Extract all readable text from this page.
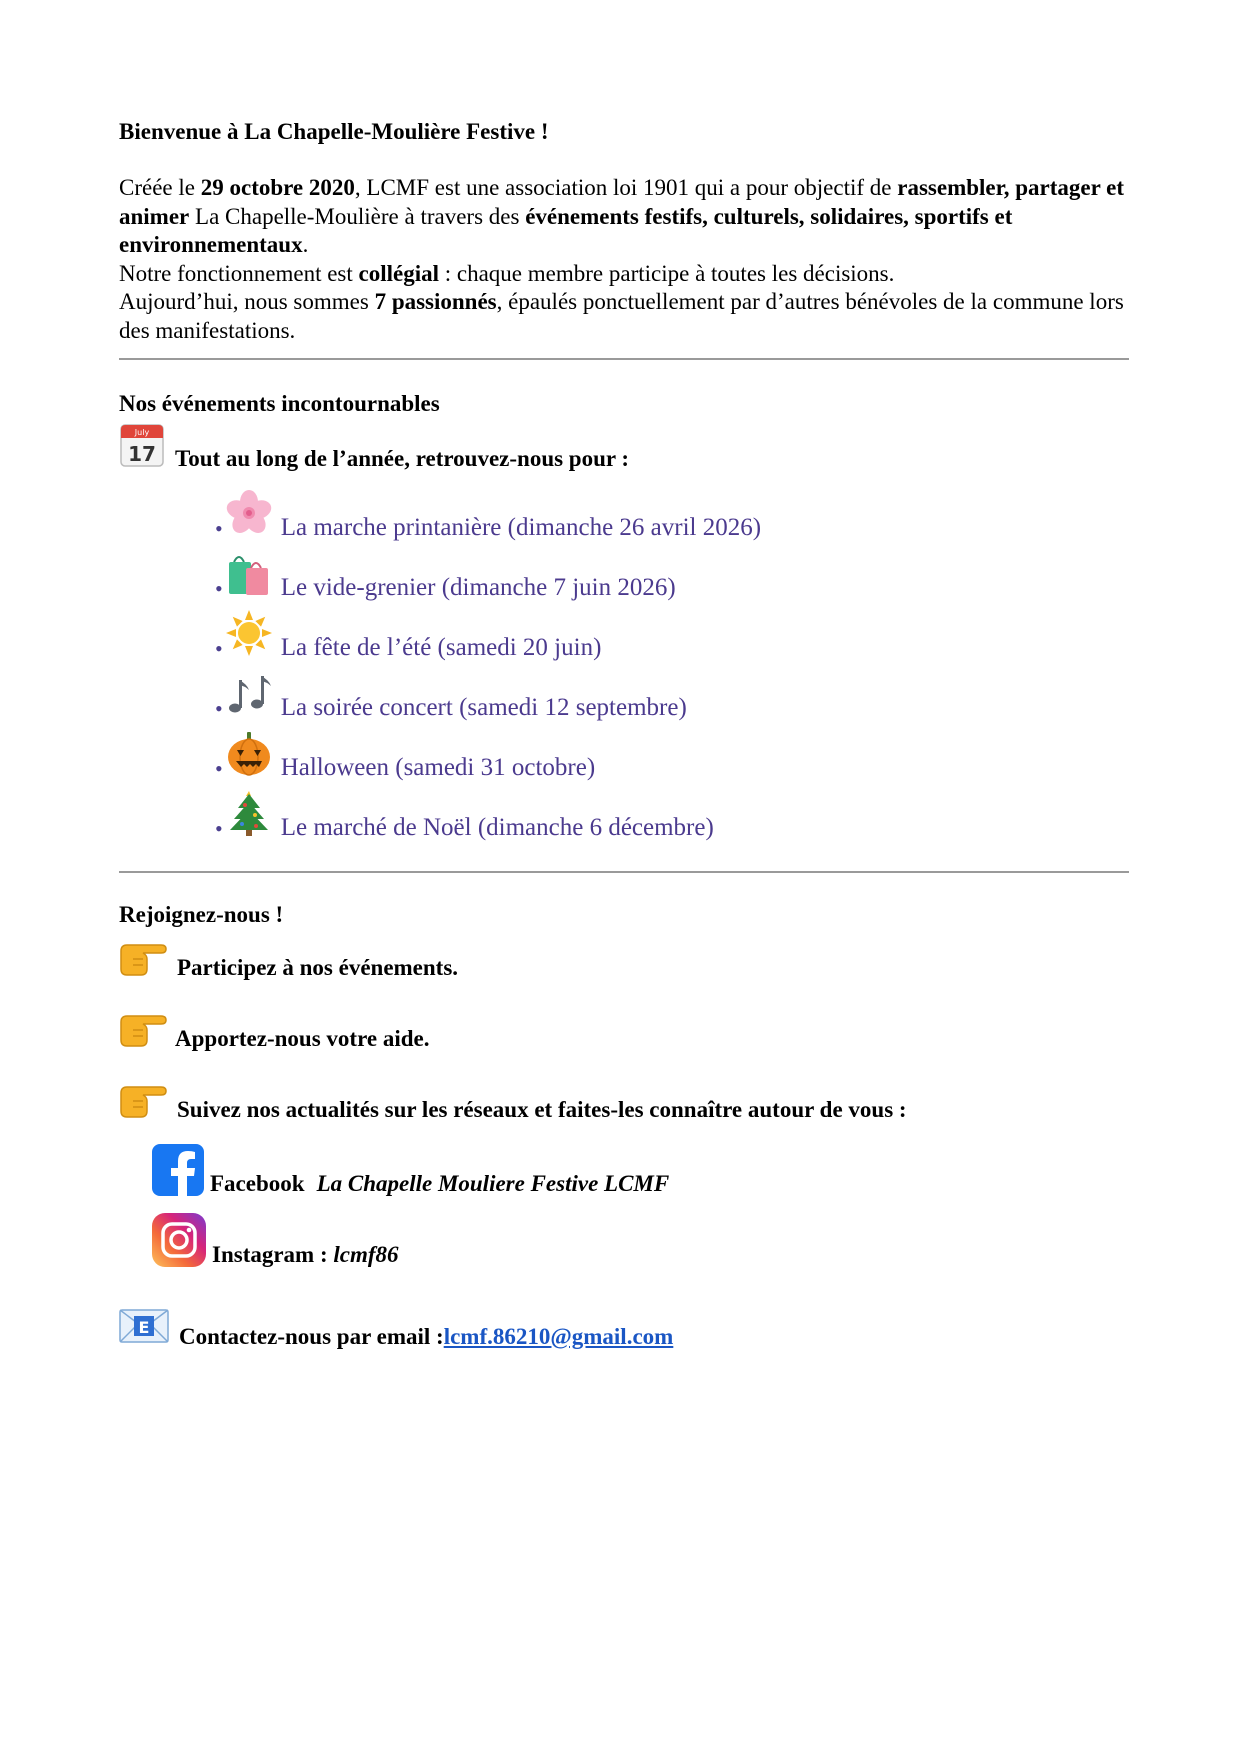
Bienvenue à La Chapelle-Moulière Festive !
Créée le 29 octobre 2020, LCMF est une association loi 1901 qui a pour objectif de rassembler, partager et animer La Chapelle-Moulière à travers des événements festifs, culturels, solidaires, sportifs et environnementaux.
Notre fonctionnement est collégial : chaque membre participe à toutes les décisions.
Aujourd’hui, nous sommes 7 passionnés, épaulés ponctuellement par d’autres bénévoles de la commune lors des manifestations.
Nos événements incontournables
July
17 Tout au long de l’année, retrouvez-nous pour :
• La marche printanière (dimanche 26 avril 2026)
• Le vide-grenier (dimanche 7 juin 2026)
• La fête de l’été (samedi 20 juin)
• La soirée concert (samedi 12 septembre)
• Halloween (samedi 31 octobre)
• Le marché de Noël (dimanche 6 décembre)
Rejoignez-nous !
Participez à nos événements.
Apportez-nous votre aide.
Suivez nos actualités sur les réseaux et faites-les connaître autour de vous :
Facebook La Chapelle Mouliere Festive LCMF
Instagram : lcmf86
E Contactez-nous par email : lcmf.86210@gmail.com
